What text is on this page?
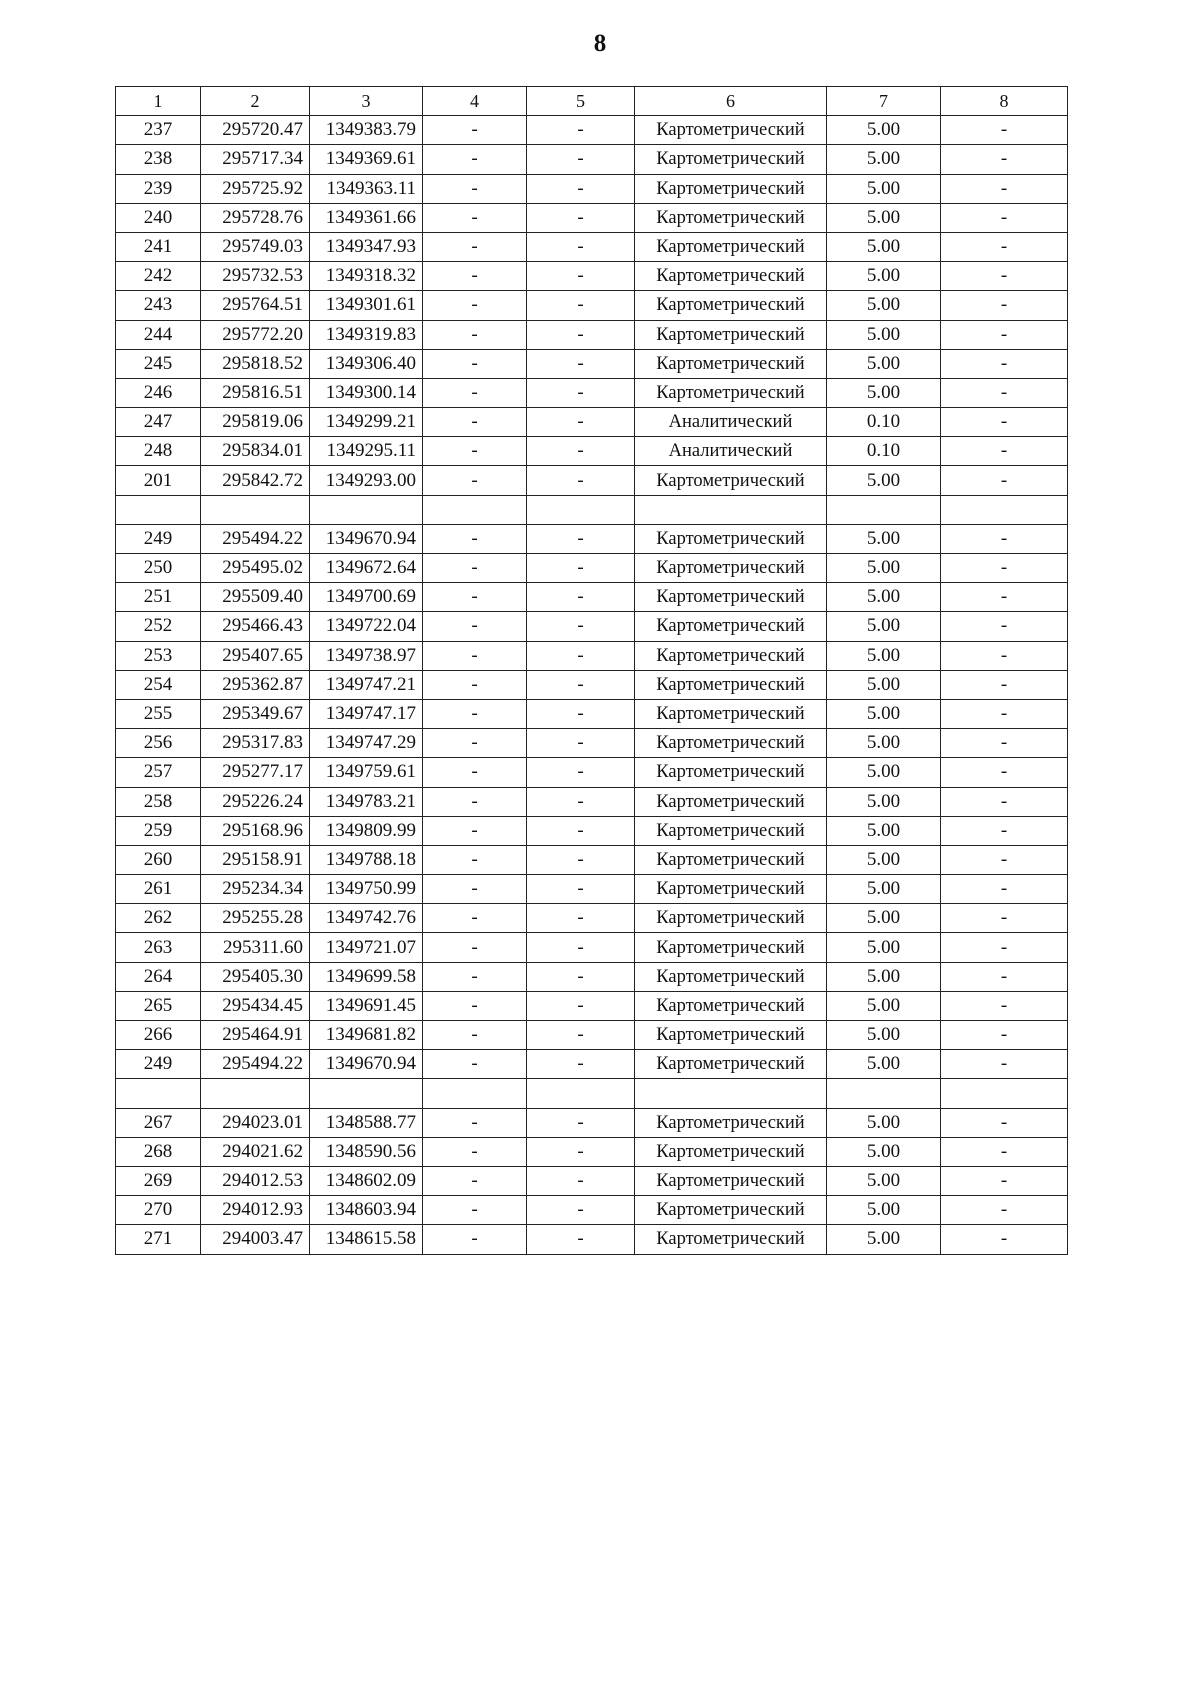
8
1	2	3	4	5	6	7	8
237	295720.47	1349383.79	-	-	Картометрический	5.00	-
238	295717.34	1349369.61	-	-	Картометрический	5.00	-
239	295725.92	1349363.11	-	-	Картометрический	5.00	-
240	295728.76	1349361.66	-	-	Картометрический	5.00	-
241	295749.03	1349347.93	-	-	Картометрический	5.00	-
242	295732.53	1349318.32	-	-	Картометрический	5.00	-
243	295764.51	1349301.61	-	-	Картометрический	5.00	-
244	295772.20	1349319.83	-	-	Картометрический	5.00	-
245	295818.52	1349306.40	-	-	Картометрический	5.00	-
246	295816.51	1349300.14	-	-	Картометрический	5.00	-
247	295819.06	1349299.21	-	-	Аналитический	0.10	-
248	295834.01	1349295.11	-	-	Аналитический	0.10	-
201	295842.72	1349293.00	-	-	Картометрический	5.00	-

249	295494.22	1349670.94	-	-	Картометрический	5.00	-
250	295495.02	1349672.64	-	-	Картометрический	5.00	-
251	295509.40	1349700.69	-	-	Картометрический	5.00	-
252	295466.43	1349722.04	-	-	Картометрический	5.00	-
253	295407.65	1349738.97	-	-	Картометрический	5.00	-
254	295362.87	1349747.21	-	-	Картометрический	5.00	-
255	295349.67	1349747.17	-	-	Картометрический	5.00	-
256	295317.83	1349747.29	-	-	Картометрический	5.00	-
257	295277.17	1349759.61	-	-	Картометрический	5.00	-
258	295226.24	1349783.21	-	-	Картометрический	5.00	-
259	295168.96	1349809.99	-	-	Картометрический	5.00	-
260	295158.91	1349788.18	-	-	Картометрический	5.00	-
261	295234.34	1349750.99	-	-	Картометрический	5.00	-
262	295255.28	1349742.76	-	-	Картометрический	5.00	-
263	295311.60	1349721.07	-	-	Картометрический	5.00	-
264	295405.30	1349699.58	-	-	Картометрический	5.00	-
265	295434.45	1349691.45	-	-	Картометрический	5.00	-
266	295464.91	1349681.82	-	-	Картометрический	5.00	-
249	295494.22	1349670.94	-	-	Картометрический	5.00	-

267	294023.01	1348588.77	-	-	Картометрический	5.00	-
268	294021.62	1348590.56	-	-	Картометрический	5.00	-
269	294012.53	1348602.09	-	-	Картометрический	5.00	-
270	294012.93	1348603.94	-	-	Картометрический	5.00	-
271	294003.47	1348615.58	-	-	Картометрический	5.00	-
